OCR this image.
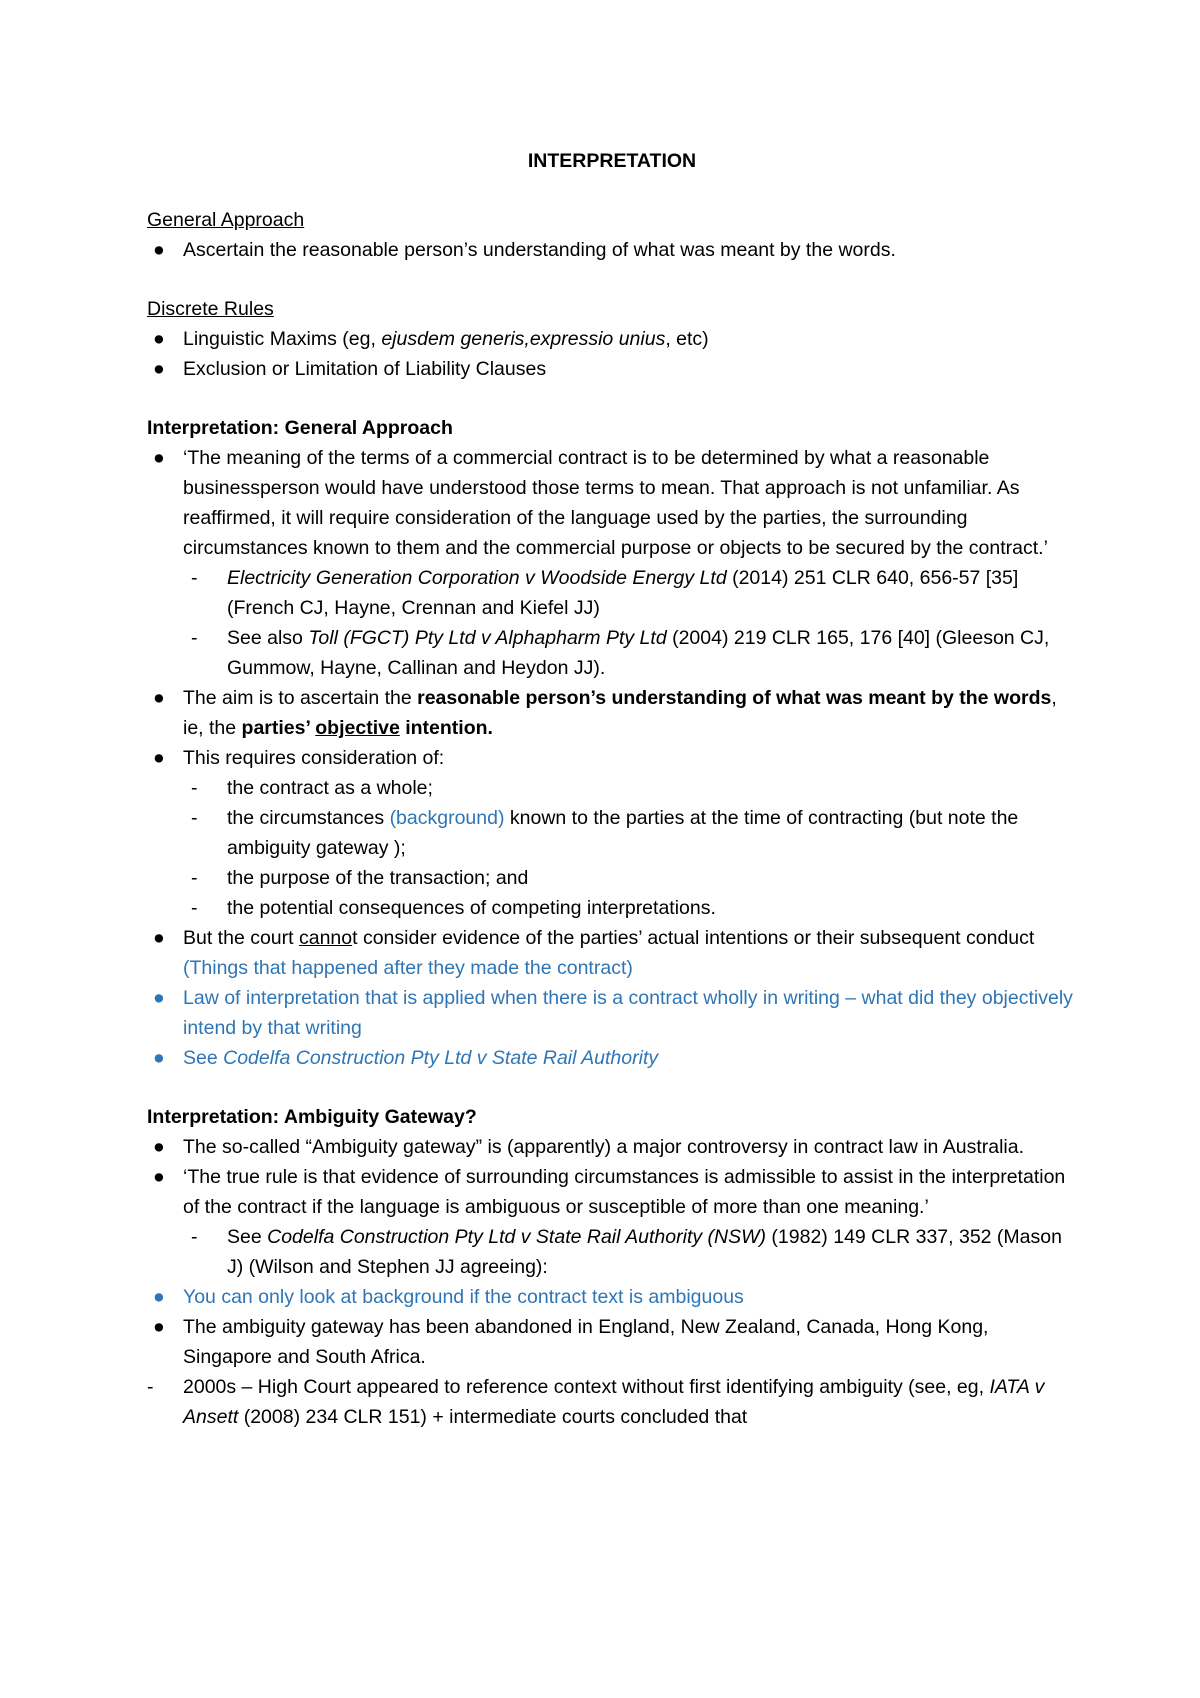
INTERPRETATION
General Approach
● Ascertain the reasonable person’s understanding of what was meant by the words.
Discrete Rules
● Linguistic Maxims (eg, ejusdem generis,expressio unius, etc)
● Exclusion or Limitation of Liability Clauses
Interpretation: General Approach
● ‘The meaning of the terms of a commercial contract is to be determined by what a reasonable businessperson would have understood those terms to mean. That approach is not unfamiliar. As reaffirmed, it will require consideration of the language used by the parties, the surrounding circumstances known to them and the commercial purpose or objects to be secured by the contract.’
- Electricity Generation Corporation v Woodside Energy Ltd (2014) 251 CLR 640, 656-57 [35] (French CJ, Hayne, Crennan and Kiefel JJ)
- See also Toll (FGCT) Pty Ltd v Alphapharm Pty Ltd (2004) 219 CLR 165, 176 [40] (Gleeson CJ, Gummow, Hayne, Callinan and Heydon JJ).
● The aim is to ascertain the reasonable person’s understanding of what was meant by the words, ie, the parties’ objective intention.
● This requires consideration of:
- the contract as a whole;
- the circumstances (background) known to the parties at the time of contracting (but note the ambiguity gateway );
- the purpose of the transaction; and
- the potential consequences of competing interpretations.
● But the court cannot consider evidence of the parties’ actual intentions or their subsequent conduct (Things that happened after they made the contract)
● Law of interpretation that is applied when there is a contract wholly in writing – what did they objectively intend by that writing
● See Codelfa Construction Pty Ltd v State Rail Authority
Interpretation: Ambiguity Gateway?
● The so-called “Ambiguity gateway” is (apparently) a major controversy in contract law in Australia.
● ‘The true rule is that evidence of surrounding circumstances is admissible to assist in the interpretation of the contract if the language is ambiguous or susceptible of more than one meaning.’
- See Codelfa Construction Pty Ltd v State Rail Authority (NSW) (1982) 149 CLR 337, 352 (Mason J) (Wilson and Stephen JJ agreeing):
● You can only look at background if the contract text is ambiguous
● The ambiguity gateway has been abandoned in England, New Zealand, Canada, Hong Kong, Singapore and South Africa.
- 2000s – High Court appeared to reference context without first identifying ambiguity (see, eg, IATA v Ansett (2008) 234 CLR 151) + intermediate courts concluded that
